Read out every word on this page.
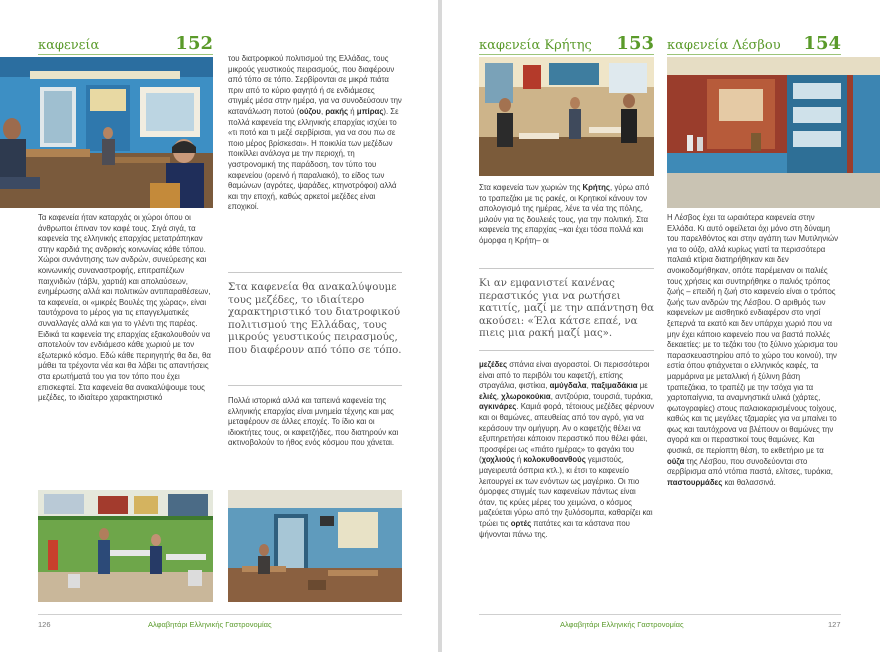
καφενεία	152

Τα καφενεία ήταν καταρχάς οι χώροι όπου οι άνθρωποι έπιναν τον καφέ τους. Σιγά σιγά, τα καφενεία της ελληνικής επαρχίας μετατράπηκαν στην καρδιά της ανδρικής κοινωνίας κάθε τόπου. Χώροι συνάντησης των ανδρών, συνεύρεσης και κοινωνικής συναναστροφής, επιτραπέζιων παιχνιδιών (τάβλι, χαρτιά) και απολαύσεων, ενημέρωσης αλλά και πολιτικών αντιπαραθέσεων, τα καφενεία, οι «μικρές Βουλές της χώρας», είναι ταυτόχρονα το μέρος για τις επαγγελματικές συναλλαγές αλλά και για το γλέντι της παρέας. Ειδικά τα καφενεία της επαρχίας εξακολουθούν να αποτελούν τον ενδιάμεσο κάθε χωριού με τον εξωτερικό κόσμο. Εδώ κάθε περιηγητής θα δει, θα μάθει τα τρέχοντα νέα και θα λάβει τις απαντήσεις στα ερωτήματά του για τον τόπο που έχει επισκεφτεί. Στα καφενεία θα ανακαλύψουμε τους μεζέδες, το ιδιαίτερο χαρακτηριστικό

του διατροφικού πολιτισμού της Ελλάδας, τους μικρούς γευστικούς πειρασμούς, που διαφέρουν από τόπο σε τόπο. Σερβίρονται σε μικρά πιάτα πριν από το κύριο φαγητό ή σε ενδιάμεσες στιγμές μέσα στην ημέρα, για να συνοδεύσουν την κατανάλωση ποτού (ούζου, ρακής ή μπίρας). Σε πολλά καφενεία της ελληνικής επαρχίας ισχύει το «τι ποτό και τι μεζέ σερβίρισαι, για να σου πω σε ποιο μέρος βρίσκεσαι». Η ποικιλία των μεζέδων ποικίλλει ανάλογα με την περιοχή, τη γαστρονομική της παράδοση, τον τύπο του καφενείου (ορεινό ή παραλιακό), το είδος των θαμώνων (αγρότες, ψαράδες, κτηνοτρόφοι) αλλά και την εποχή, καθώς αρκετοί μεζέδες είναι εποχικοί.

Στα καφενεία θα ανακαλύψουμε τους μεζέδες, το ιδιαίτερο χαρακτηριστικό του διατροφικού πολιτισμού της Ελλάδας, τους μικρούς γευστικούς πειρασμούς, που διαφέρουν από τόπο σε τόπο.

Πολλά ιστορικά αλλά και ταπεινά καφενεία της ελληνικής επαρχίας είναι μνημεία τέχνης και μας μεταφέρουν σε άλλες εποχές. Το ίδιο και οι ιδιοκτήτες τους, οι καφετζήδες, που διατηρούν και ακτινοβολούν το ήθος ενός κόσμου που χάνεται.

126	Αλφαβητάρι Ελληνικής Γαστρονομίας
καφενεία Κρήτης 153 καφενεία Λέσβου 154

Στα καφενεία των χωριών της Κρήτης, γύρω από το τραπεζάκι με τις ρακές, οι Κρητικοί κάνουν τον απολογισμό της ημέρας, λένε τα νέα της πόλης, μιλούν για τις δουλειές τους, για την πολιτική. Στα καφενεία της επαρχίας –και έχει τόσα πολλά και όμορφα η Κρήτη– οι

Κι αν εμφανιστεί κανένας περαστικός για να ρωτήσει κατιτίς, μαζί με την απάντηση θα ακούσει: «Έλα κάτσε επαέ, να πιεις μια ρακή μαζί μας».

μεζέδες σπάνια είναι αγοραστοί. Οι περισσότεροι είναι από το περιβόλι του καφετζή, επίσης στραγάλια, φιστίκια, αμύγδαλα, παξιμαδάκια με ελιές, χλωροκούκια, αντζούρια, τουρσιά, τυράκια, αγκινάρες. Καμιά φορά, τέτοιους μεζέδες φέρνουν και οι θαμώνες, απευθείας από τον αγρό, για να κεράσουν την ομήγυρη. Αν ο καφετζής θέλει να εξυπηρετήσει κάποιον περαστικό που θέλει φάει, προσφέρει ως «πιάτο ημέρας» το φαγάκι του (χοχλιούς ή κολοκυθοανθούς γεμιστούς, μαγειρευτά όσπρια κτλ.), κι έτσι το καφενείο λειτουργεί εκ των ενόντων ως μαγέρικο. Οι πιο όμορφες στιγμές των καφενείων πάντως είναι όταν, τις κρύες μέρες του χειμώνα, ο κόσμος μαζεύεται γύρω από την ξυλόσομπα, καθαρίζει και τρώει τις ορτές πατάτες και τα κάστανα που ψήνονται πάνω της.

Η Λέσβος έχει τα ωραιότερα καφενεία στην Ελλάδα. Κι αυτό οφείλεται όχι μόνο στη δύναμη του παρελθόντος και στην αγάπη των Μυτιληνιών για το ούζο, αλλά κυρίως γιατί τα περισσότερα παλαιά κτίρια διατηρήθηκαν και δεν ανοικοδομήθηκαν, οπότε παρέμειναν οι παλιές τους χρήσεις και συντηρήθηκε ο παλιός τρόπος ζωής – επειδή η ζωή στο καφενείο είναι ο τρόπος ζωής των ανδρών της Λέσβου. Ο αριθμός των καφενείων με αισθητικό ενδιαφέρον στο νησί ξεπερνά τα εκατό και δεν υπάρχει χωριό που να μην έχει κάποιο καφενείο που να βαστά πολλές δεκαετίες: με το τεζάκι του (το ξύλινο χώρισμα του παρασκευαστηρίου από το χώρο του κοινού), την εστία όπου φτιάχνεται ο ελληνικός καφές, τα μαρμάρινα με μεταλλική ή ξύλινη βάση τραπεζάκια, το τραπέζι με την τσόχα για τα χαρτοπαίγνια, τα αναμνηστικά υλικά (χάρτες, φωτογραφίες) στους παλαιοκαρισμένους τοίχους, καθώς και τις μεγάλες τζαμαρίες για να μπαίνει το φως και ταυτόχρονα να βλέπουν οι θαμώνες την αγορά και οι περαστικοί τους θαμώνες. Και φυσικά, σε περίοπτη θέση, το εκθετήριο με τα ούζα της Λέσβου, που συνοδεύονται στο σερβίρισμα από ντόπια παστά, ελίτσες, τυράκια, παστουρμάδες και θαλασσινά.

Αλφαβητάρι Ελληνικής Γαστρονομίας	127
